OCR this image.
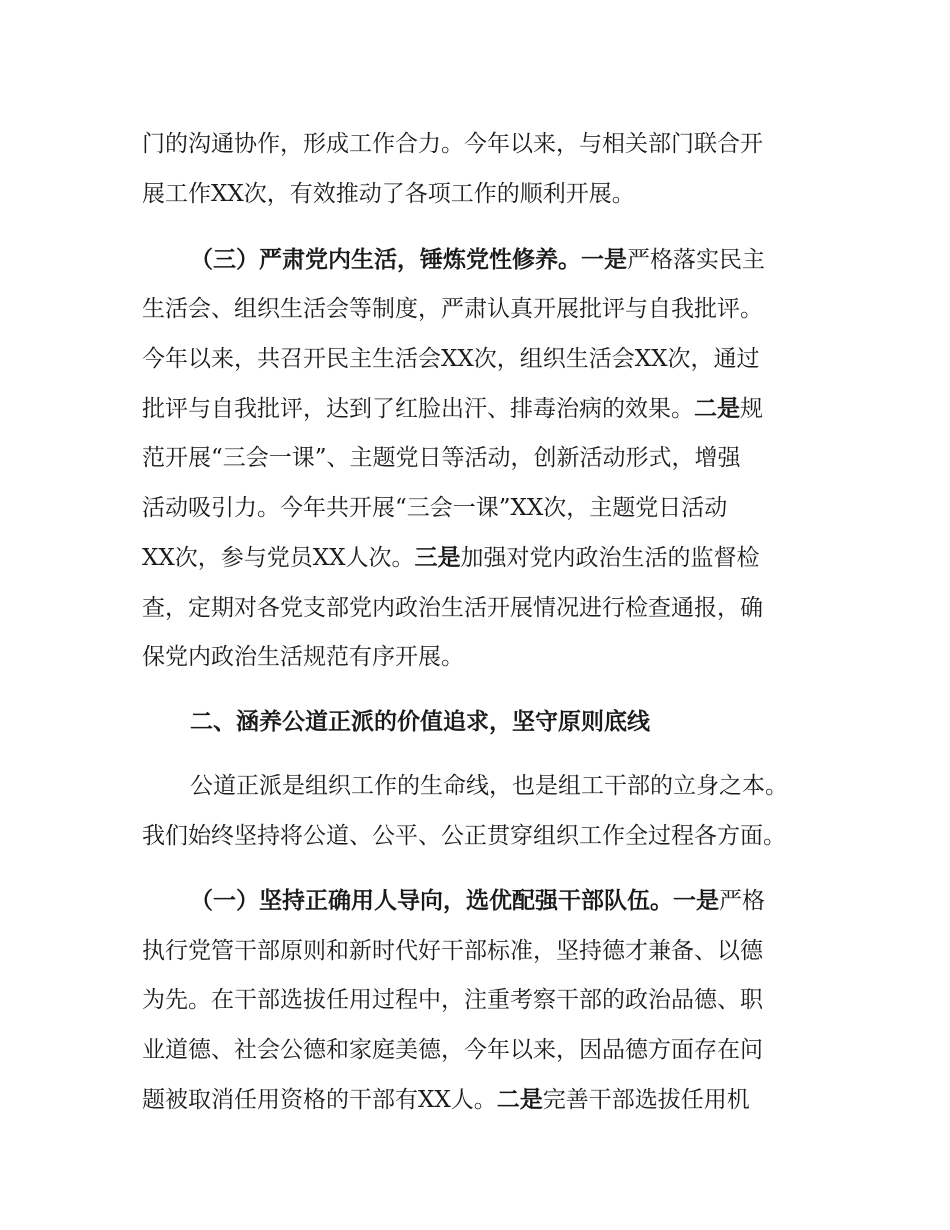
门的沟通协作，形成工作合力。今年以来，与相关部门联合开
展工作XX次，有效推动了各项工作的顺利开展。
（三）严肃党内生活，锤炼党性修养。一是严格落实民主
生活会、组织生活会等制度，严肃认真开展批评与自我批评。
今年以来，共召开民主生活会XX次，组织生活会XX次，通过
批评与自我批评，达到了红脸出汗、排毒治病的效果。二是规
范开展“三会一课”、主题党日等活动，创新活动形式，增强
活动吸引力。今年共开展“三会一课”XX次，主题党日活动
XX次，参与党员XX人次。三是加强对党内政治生活的监督检
查，定期对各党支部党内政治生活开展情况进行检查通报，确
保党内政治生活规范有序开展。
二、涵养公道正派的价值追求，坚守原则底线
公道正派是组织工作的生命线，也是组工干部的立身之本。
我们始终坚持将公道、公平、公正贯穿组织工作全过程各方面。
（一）坚持正确用人导向，选优配强干部队伍。一是严格
执行党管干部原则和新时代好干部标准，坚持德才兼备、以德
为先。在干部选拔任用过程中，注重考察干部的政治品德、职
业道德、社会公德和家庭美德，今年以来，因品德方面存在问
题被取消任用资格的干部有XX人。二是完善干部选拔任用机
